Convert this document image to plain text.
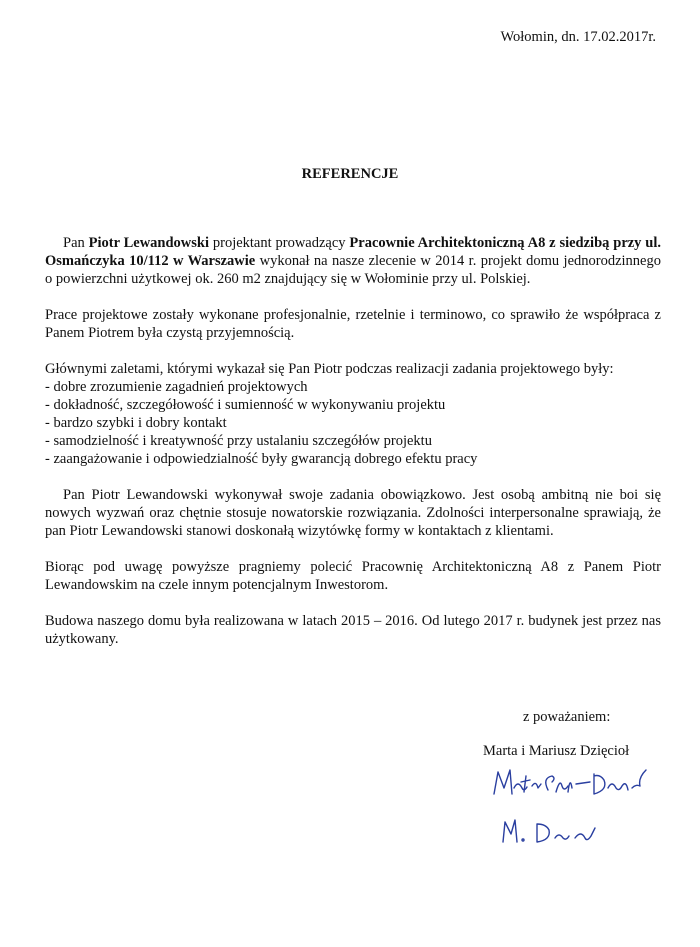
Wołomin, dn. 17.02.2017r.
REFERENCJE

Pan Piotr Lewandowski projektant prowadzący Pracownie Architektoniczną A8 z siedzibą przy ul. Osmańczyka 10/112 w Warszawie wykonał na nasze zlecenie w 2014 r. projekt domu jednorodzinnego o powierzchni użytkowej ok. 260 m2 znajdujący się w Wołominie przy ul. Polskiej.

Prace projektowe zostały wykonane profesjonalnie, rzetelnie i terminowo, co sprawiło że współpraca z Panem Piotrem była czystą przyjemnością.

Głównymi zaletami, którymi wykazał się Pan Piotr podczas realizacji zadania projektowego były:

- dobre zrozumienie zagadnień projektowych
- dokładność, szczegółowość i sumienność w wykonywaniu projektu
- bardzo szybki i dobry kontakt
- samodzielność i kreatywność przy ustalaniu szczegółów projektu
- zaangażowanie i odpowiedzialność były gwarancją dobrego efektu pracy

Pan Piotr Lewandowski wykonywał swoje zadania obowiązkowo. Jest osobą ambitną nie boi się nowych wyzwań oraz chętnie stosuje nowatorskie rozwiązania. Zdolności interpersonalne sprawiają, że pan Piotr Lewandowski stanowi doskonałą wizytówkę formy w kontaktach z klientami.

Biorąc pod uwagę powyższe pragniemy polecić Pracownię Architektoniczną A8 z Panem Piotr Lewandowskim na czele innym potencjalnym Inwestorom.

Budowa naszego domu była realizowana w latach 2015 – 2016. Od lutego 2017 r. budynek jest przez nas użytkowany.

z poważaniem:
Marta i Mariusz Dzięcioł
